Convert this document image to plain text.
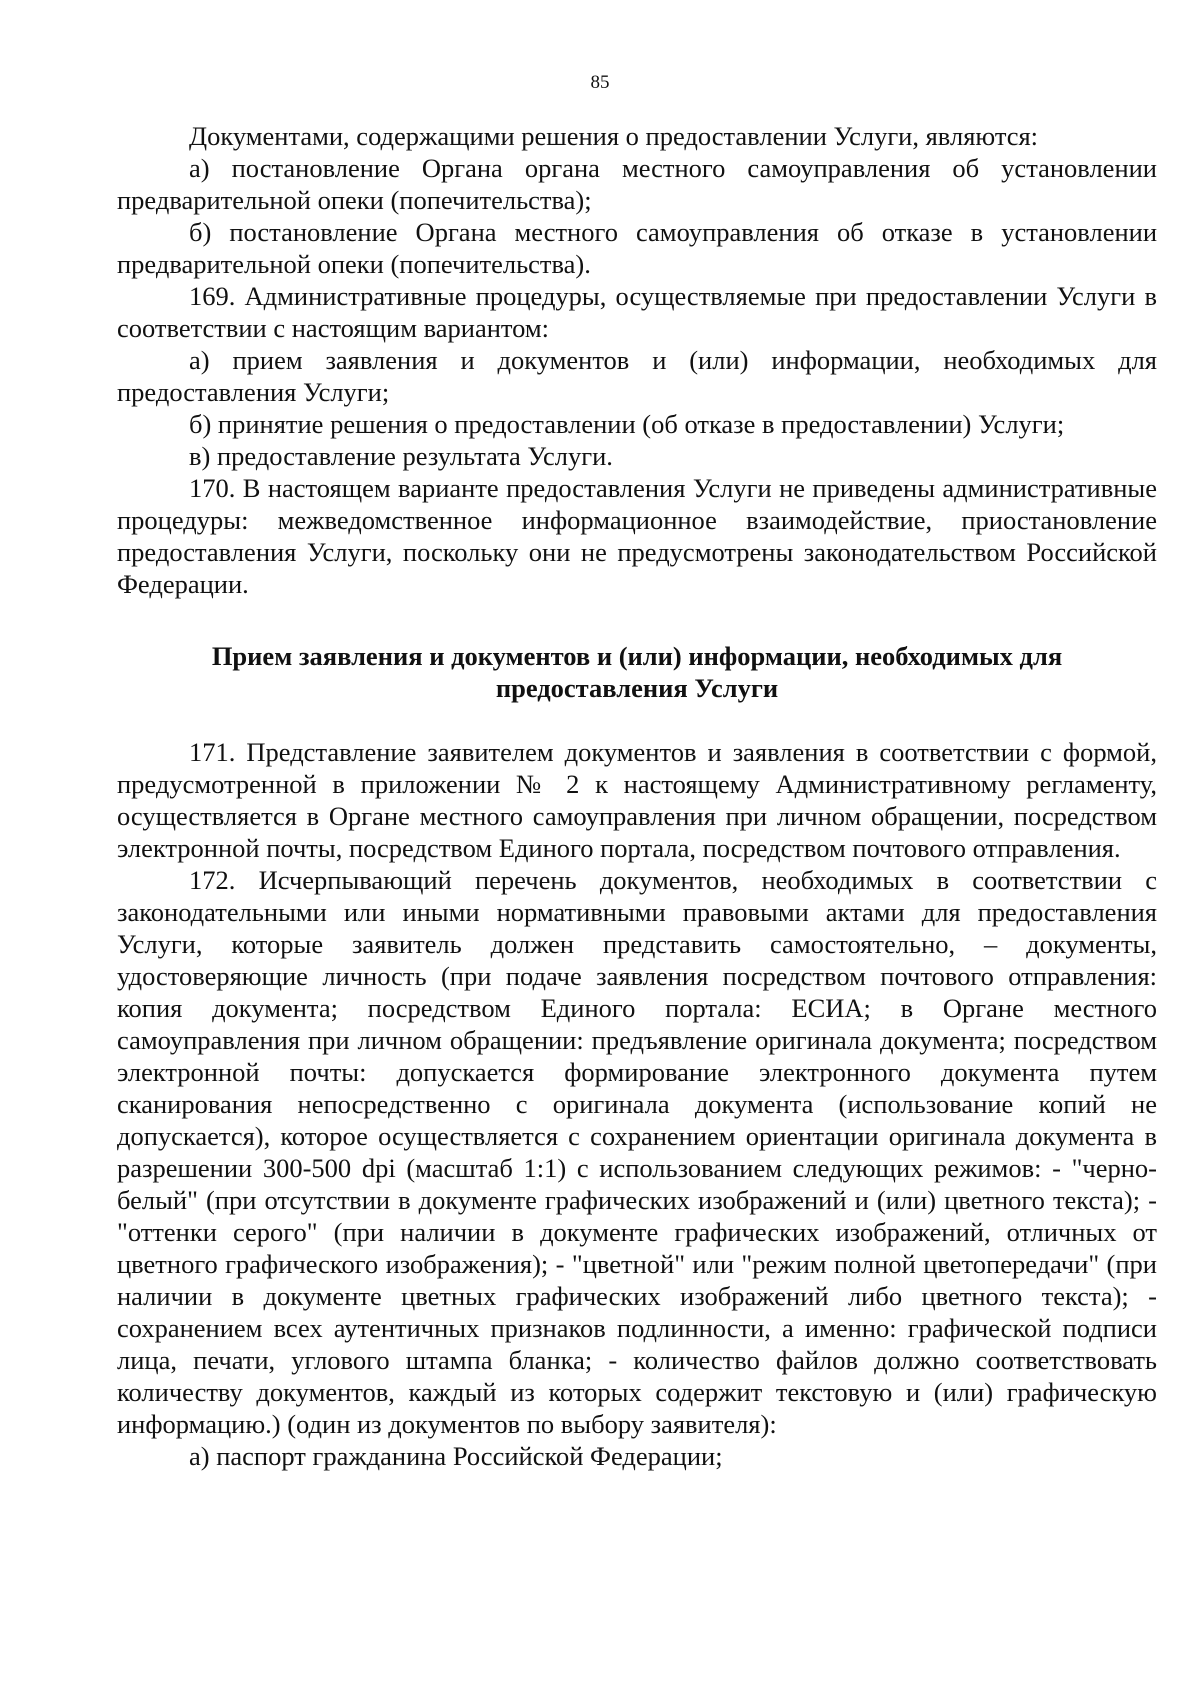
85

Документами, содержащими решения о предоставлении Услуги, являются:

а) постановление Органа органа местного самоуправления об установлении предварительной опеки (попечительства);

б) постановление Органа местного самоуправления об отказе в установлении предварительной опеки (попечительства).

169. Административные процедуры, осуществляемые при предоставлении Услуги в соответствии с настоящим вариантом:

а) прием заявления и документов и (или) информации, необходимых для предоставления Услуги;

б) принятие решения о предоставлении (об отказе в предоставлении) Услуги;

в) предоставление результата Услуги.

170. В настоящем варианте предоставления Услуги не приведены административные процедуры: межведомственное информационное взаимодействие, приостановление предоставления Услуги, поскольку они не предусмотрены законодательством Российской Федерации.

Прием заявления и документов и (или) информации, необходимых для предоставления Услуги

171. Представление заявителем документов и заявления в соответствии с формой, предусмотренной в приложении № 2 к настоящему Административному регламенту, осуществляется в Органе местного самоуправления при личном обращении, посредством электронной почты, посредством Единого портала, посредством почтового отправления.

172. Исчерпывающий перечень документов, необходимых в соответствии с законодательными или иными нормативными правовыми актами для предоставления Услуги, которые заявитель должен представить самостоятельно, – документы, удостоверяющие личность (при подаче заявления посредством почтового отправления: копия документа; посредством Единого портала: ЕСИА; в Органе местного самоуправления при личном обращении: предъявление оригинала документа; посредством электронной почты: допускается формирование электронного документа путем сканирования непосредственно с оригинала документа (использование копий не допускается), которое осуществляется с сохранением ориентации оригинала документа в разрешении 300-500 dpi (масштаб 1:1) с использованием следующих режимов: - "черно-белый" (при отсутствии в документе графических изображений и (или) цветного текста); - "оттенки серого" (при наличии в документе графических изображений, отличных от цветного графического изображения); - "цветной" или "режим полной цветопередачи" (при наличии в документе цветных графических изображений либо цветного текста); - сохранением всех аутентичных признаков подлинности, а именно: графической подписи лица, печати, углового штампа бланка; - количество файлов должно соответствовать количеству документов, каждый из которых содержит текстовую и (или) графическую информацию.) (один из документов по выбору заявителя):

а) паспорт гражданина Российской Федерации;
